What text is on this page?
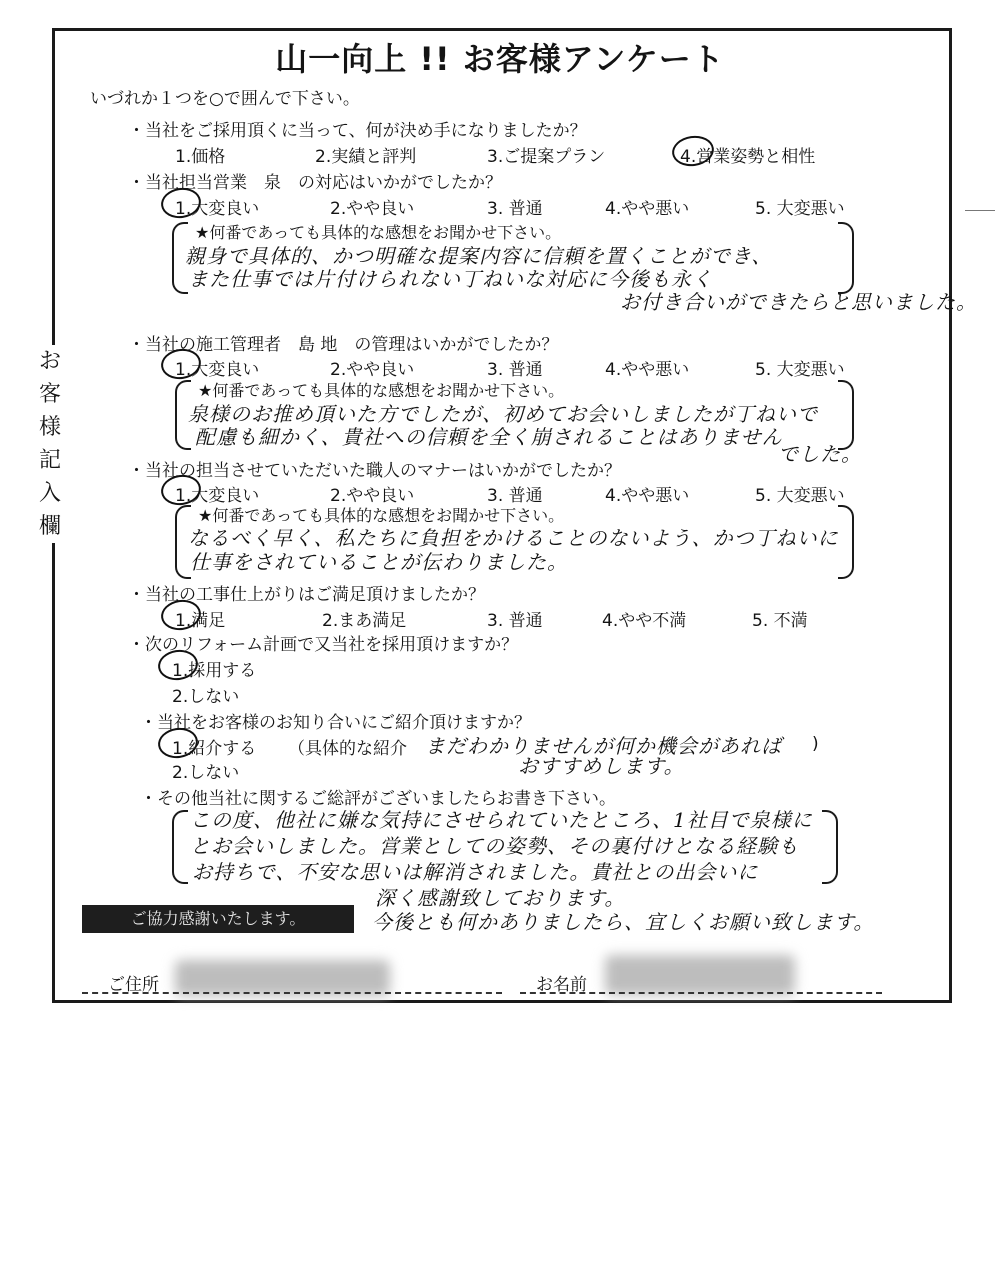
山一向上 !! お客様アンケート
いづれか１つを○で囲んで下さい。
お
客
様
記
入
欄
・当社をご採用頂くに当って、何が決め手になりましたか？
1.価格	2.実績と評判	3.ご提案プラン	4.営業姿勢と相性
・当社担当営業　泉　の対応はいかがでしたか？
1.大変良い	2.やや良い	3. 普通	4.やや悪い	5. 大変悪い
★何番であっても具体的な感想をお聞かせ下さい。
親身で具体的、かつ明確な提案内容に信頼を置くことができ、
また仕事では片付けられない丁ねいな対応に今後も永く
お付き合いができたらと思いました。
・当社の施工管理者　島 地　の管理はいかがでしたか？
1.大変良い	2.やや良い	3. 普通	4.やや悪い	5. 大変悪い
★何番であっても具体的な感想をお聞かせ下さい。
泉様のお推め頂いた方でしたが、初めてお会いしましたが丁ねいで
配慮も細かく、貴社への信頼を全く崩されることはありません
でした。
・当社の担当させていただいた職人のマナーはいかがでしたか？
1.大変良い	2.やや良い	3. 普通	4.やや悪い	5. 大変悪い
★何番であっても具体的な感想をお聞かせ下さい。
なるべく早く、私たちに負担をかけることのないよう、かつ丁ねいに
仕事をされていることが伝わりました。
・当社の工事仕上がりはご満足頂けましたか？
1.満足	2.まあ満足	3. 普通	4.やや不満	5. 不満
・次のリフォーム計画で又当社を採用頂けますか？
1.採用する
2.しない
・当社をお客様のお知り合いにご紹介頂けますか？
1.紹介する
2.しない
（具体的な紹介	)
まだわかりませんが何か機会があれば
おすすめします。
・その他当社に関するご総評がございましたらお書き下さい。
この度、他社に嫌な気持にさせられていたところ、1社目で泉様に
とお会いしました。営業としての姿勢、その裏付けとなる経験も
お持ちで、不安な思いは解消されました。貴社との出会いに
深く感謝致しております。
今後とも何かありましたら、宜しくお願い致します。
ご協力感謝いたします。
ご住所	お名前
